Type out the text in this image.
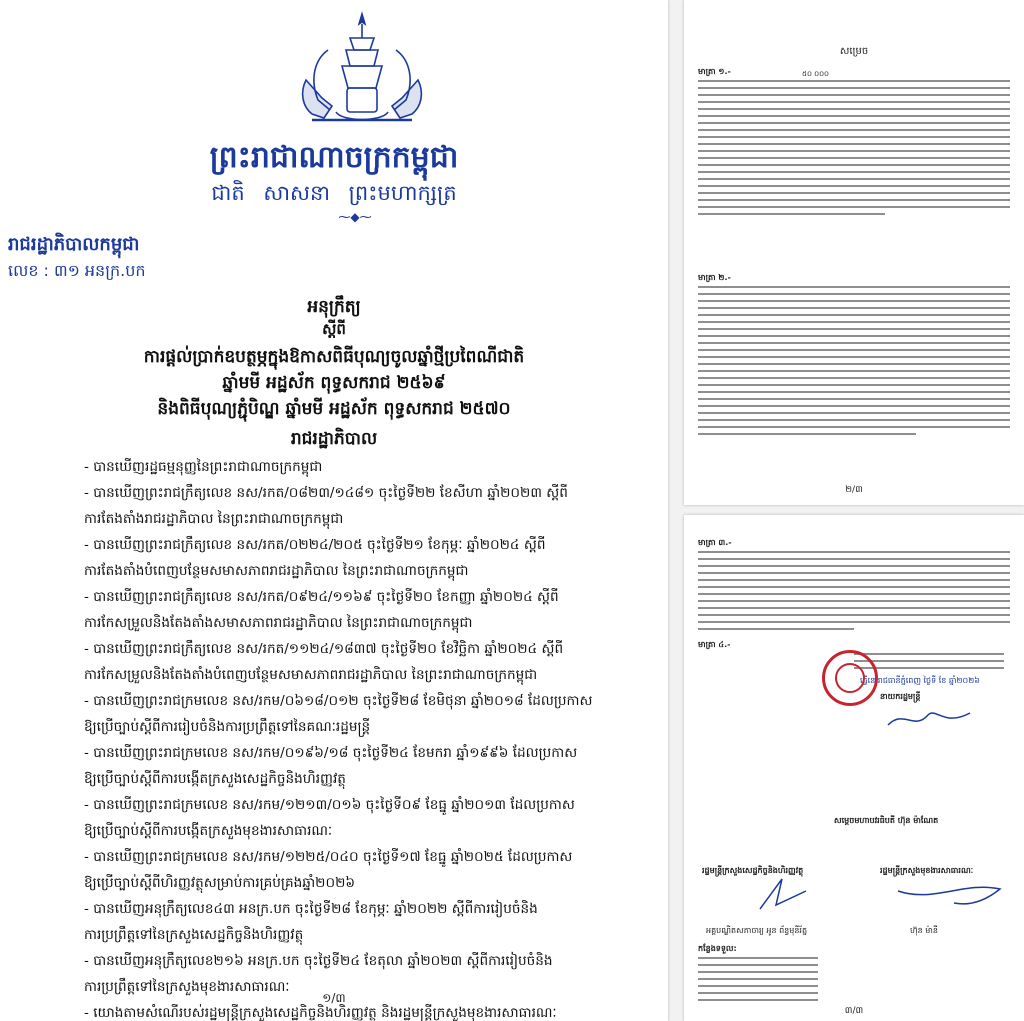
ព្រះរាជាណាចក្រកម្ពុជា
ជាតិ សាសនា ព្រះមហាក្សត្រ
⁓◆⁓
រាជរដ្ឋាភិបាលកម្ពុជា
លេខ : ៣១ អនក្រ.បក
អនុក្រឹត្យ
ស្តីពី
ការផ្តល់ប្រាក់ឧបត្ថម្ភក្នុងឱកាសពិធីបុណ្យចូលឆ្នាំថ្មីប្រពៃណីជាតិ
ឆ្នាំមមី អដ្ឋស័ក ពុទ្ធសករាជ ២៥៦៩
និងពិធីបុណ្យភ្ជុំបិណ្ឌ ឆ្នាំមមី អដ្ឋស័ក ពុទ្ធសករាជ ២៥៧០
រាជរដ្ឋាភិបាល
- បានឃើញរដ្ឋធម្មនុញ្ញនៃព្រះរាជាណាចក្រកម្ពុជា
- បានឃើញព្រះរាជក្រឹត្យលេខ នស/រកត/០៨២៣/១៤៨១ ចុះថ្ងៃទី២២ ខែសីហា ឆ្នាំ២០២៣ ស្តីពី
ការតែងតាំងរាជរដ្ឋាភិបាល នៃព្រះរាជាណាចក្រកម្ពុជា
- បានឃើញព្រះរាជក្រឹត្យលេខ នស/រកត/០២២៤/២០៥ ចុះថ្ងៃទី២១ ខែកុម្ភៈ ឆ្នាំ២០២៤ ស្តីពី
ការតែងតាំងបំពេញបន្ថែមសមាសភាពរាជរដ្ឋាភិបាល នៃព្រះរាជាណាចក្រកម្ពុជា
- បានឃើញព្រះរាជក្រឹត្យលេខ នស/រកត/០៩២៤/១១៦៩ ចុះថ្ងៃទី២០ ខែកញ្ញា ឆ្នាំ២០២៤ ស្តីពី
ការកែសម្រួលនិងតែងតាំងសមាសភាពរាជរដ្ឋាភិបាល នៃព្រះរាជាណាចក្រកម្ពុជា
- បានឃើញព្រះរាជក្រឹត្យលេខ នស/រកត/១១២៤/១៨៣៧ ចុះថ្ងៃទី២០ ខែវិច្ឆិកា ឆ្នាំ២០២៤ ស្តីពី
ការកែសម្រួលនិងតែងតាំងបំពេញបន្ថែមសមាសភាពរាជរដ្ឋាភិបាល នៃព្រះរាជាណាចក្រកម្ពុជា
- បានឃើញព្រះរាជក្រមលេខ នស/រកម/០៦១៨/០១២ ចុះថ្ងៃទី២៨ ខែមិថុនា ឆ្នាំ២០១៨ ដែលប្រកាស
ឱ្យប្រើច្បាប់ស្តីពីការរៀបចំនិងការប្រព្រឹត្តទៅនៃគណៈរដ្ឋមន្ត្រី
- បានឃើញព្រះរាជក្រមលេខ នស/រកម/០១៩៦/១៨ ចុះថ្ងៃទី២៤ ខែមករា ឆ្នាំ១៩៩៦ ដែលប្រកាស
ឱ្យប្រើច្បាប់ស្តីពីការបង្កើតក្រសួងសេដ្ឋកិច្ចនិងហិរញ្ញវត្ថុ
- បានឃើញព្រះរាជក្រមលេខ នស/រកម/១២១៣/០១៦ ចុះថ្ងៃទី០៩ ខែធ្នូ ឆ្នាំ២០១៣ ដែលប្រកាស
ឱ្យប្រើច្បាប់ស្តីពីការបង្កើតក្រសួងមុខងារសាធារណៈ
- បានឃើញព្រះរាជក្រមលេខ នស/រកម/១២២៥/០៤០ ចុះថ្ងៃទី១៧ ខែធ្នូ ឆ្នាំ២០២៥ ដែលប្រកាស
ឱ្យប្រើច្បាប់ស្តីពីហិរញ្ញវត្ថុសម្រាប់ការគ្រប់គ្រងឆ្នាំ២០២៦
- បានឃើញអនុក្រឹត្យលេខ៤៣ អនក្រ.បក ចុះថ្ងៃទី២៨ ខែកុម្ភៈ ឆ្នាំ២០២២ ស្តីពីការរៀបចំនិង
ការប្រព្រឹត្តទៅនៃក្រសួងសេដ្ឋកិច្ចនិងហិរញ្ញវត្ថុ
- បានឃើញអនុក្រឹត្យលេខ២១៦ អនក្រ.បក ចុះថ្ងៃទី២៤ ខែតុលា ឆ្នាំ២០២៣ ស្តីពីការរៀបចំនិង
ការប្រព្រឹត្តទៅនៃក្រសួងមុខងារសាធារណៈ
- យោងតាមសំណើរបស់រដ្ឋមន្ត្រីក្រសួងសេដ្ឋកិច្ចនិងហិរញ្ញវត្ថុ និងរដ្ឋមន្ត្រីក្រសួងមុខងារសាធារណៈ
១/៣
សម្រេច
មាត្រា ១.-	៥០ ០០០
មាត្រា ២.-
២/៣
មាត្រា ៣.-
មាត្រា ៤.-
ធ្វើនៅរាជធានីភ្នំពេញ ថ្ងៃទី ខែ ឆ្នាំ២០២៦
នាយករដ្ឋមន្ត្រី
សម្តេចមហាបវរធិបតី ហ៊ុន ម៉ាណែត
រដ្ឋមន្ត្រីក្រសួងសេដ្ឋកិច្ចនិងហិរញ្ញវត្ថុ	រដ្ឋមន្ត្រីក្រសួងមុខងារសាធារណៈ
អគ្គបណ្ឌិតសភាចារ្យ អូន ព័ន្ធមុនីរ័ត្ន	ហ៊ុន ម៉ានី
កន្លែងទទួល:
៣/៣
